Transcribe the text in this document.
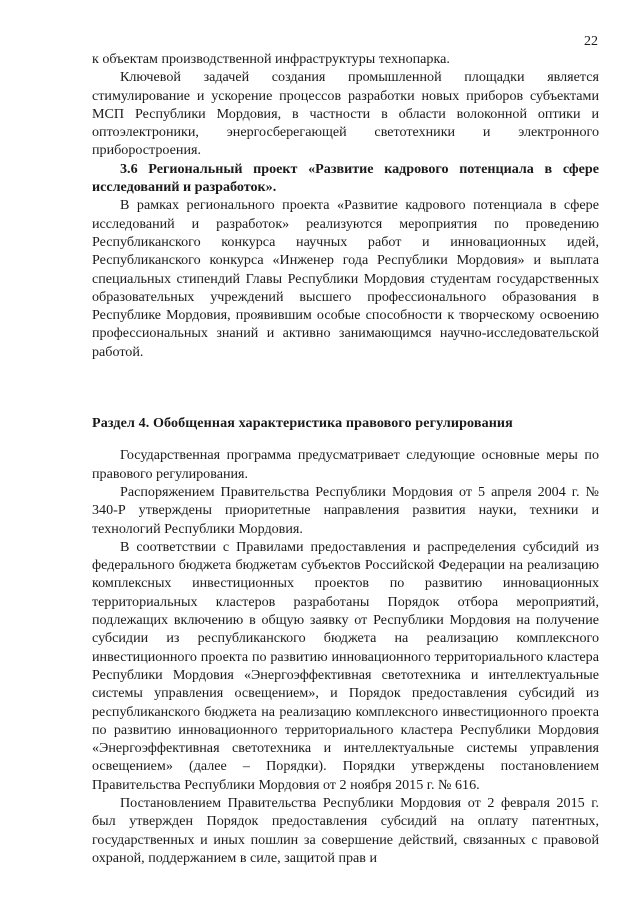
22

к объектам производственной инфраструктуры технопарка.

Ключевой задачей создания промышленной площадки является стимулирование и ускорение процессов разработки новых приборов субъектами МСП Республики Мордовия, в частности в области волоконной оптики и оптоэлектроники, энергосберегающей светотехники и электронного приборостроения.

3.6 Региональный проект «Развитие кадрового потенциала в сфере исследований и разработок».

В рамках регионального проекта «Развитие кадрового потенциала в сфере исследований и разработок» реализуются мероприятия по проведению Республиканского конкурса научных работ и инновационных идей, Республиканского конкурса «Инженер года Республики Мордовия» и выплата специальных стипендий Главы Республики Мордовия студентам государственных образовательных учреждений высшего профессионального образования в Республике Мордовия, проявившим особые способности к творческому освоению профессиональных знаний и активно занимающимся научно-исследовательской работой.

Раздел 4. Обобщенная характеристика правового регулирования

Государственная программа предусматривает следующие основные меры по правового регулирования.

Распоряжением Правительства Республики Мордовия от 5 апреля 2004 г. № 340-Р утверждены приоритетные направления развития науки, техники и технологий Республики Мордовия.

В соответствии с Правилами предоставления и распределения субсидий из федерального бюджета бюджетам субъектов Российской Федерации на реализацию комплексных инвестиционных проектов по развитию инновационных территориальных кластеров разработаны Порядок отбора мероприятий, подлежащих включению в общую заявку от Республики Мордовия на получение субсидии из республиканского бюджета на реализацию комплексного инвестиционного проекта по развитию инновационного территориального кластера Республики Мордовия «Энергоэффективная светотехника и интеллектуальные системы управления освещением», и Порядок предоставления субсидий из республиканского бюджета на реализацию комплексного инвестиционного проекта по развитию инновационного территориального кластера Республики Мордовия «Энергоэффективная светотехника и интеллектуальные системы управления освещением» (далее – Порядки). Порядки утверждены постановлением Правительства Республики Мордовия от 2 ноября 2015 г. № 616.

Постановлением Правительства Республики Мордовия от 2 февраля 2015 г. был утвержден Порядок предоставления субсидий на оплату патентных, государственных и иных пошлин за совершение действий, связанных с правовой охраной, поддержанием в силе, защитой прав и
